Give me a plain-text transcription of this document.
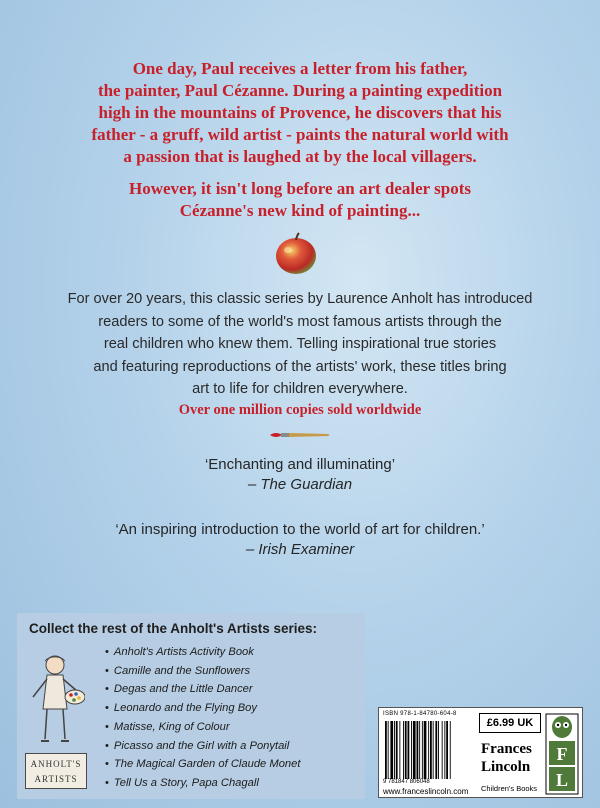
One day, Paul receives a letter from his father,
the painter, Paul Cézanne. During a painting expedition
high in the mountains of Provence, he discovers that his
father - a gruff, wild artist - paints the natural world with
a passion that is laughed at by the local villagers.
However, it isn't long before an art dealer spots
Cézanne's new kind of painting...
For over 20 years, this classic series by Laurence Anholt has introduced
readers to some of the world's most famous artists through the
real children who knew them. Telling inspirational true stories
and featuring reproductions of the artists' work, these titles bring
art to life for children everywhere.
Over one million copies sold worldwide
‘Enchanting and illuminating’
– The Guardian
‘An inspiring introduction to the world of art for children.’
– Irish Examiner
Collect the rest of the Anholt's Artists series:
ANHOLT'S
ARTISTS
• Anholt's Artists Activity Book
• Camille and the Sunflowers
• Degas and the Little Dancer
• Leonardo and the Flying Boy
• Matisse, King of Colour
• Picasso and the Girl with a Ponytail
• The Magical Garden of Claude Monet
• Tell Us a Story, Papa Chagall
ISBN 978-1-84780-604-8
9 781847 806048
www.franceslincoln.com
£6.99 UK
Frances
Lincoln
Children's Books
F
L
